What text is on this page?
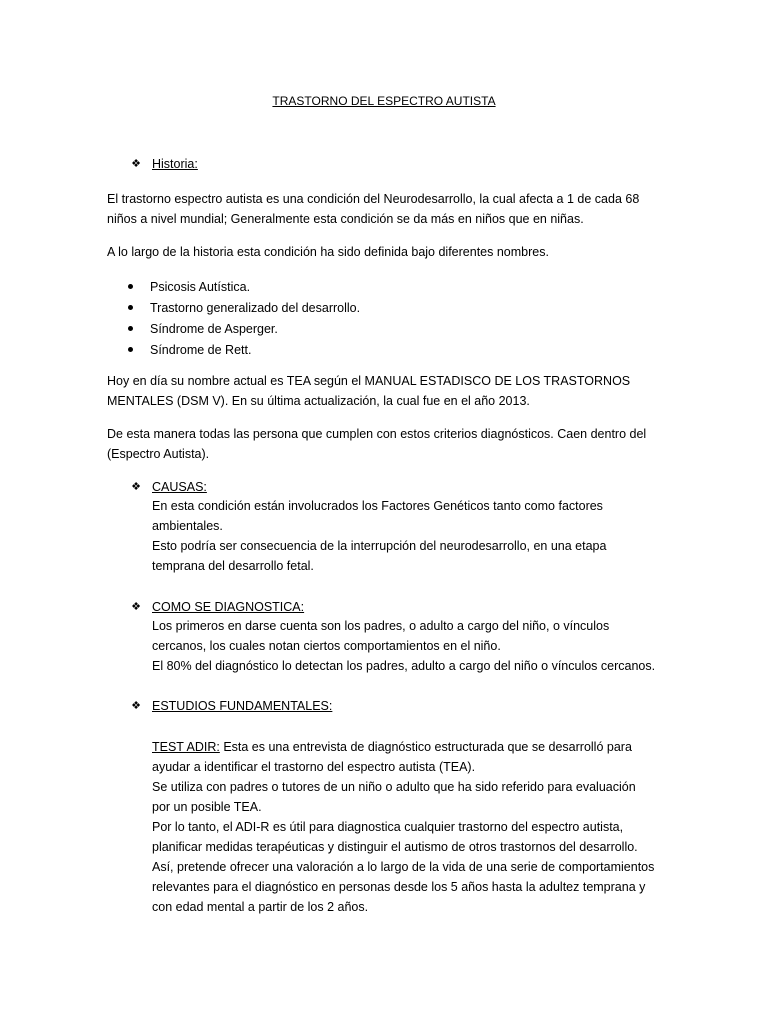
TRASTORNO DEL ESPECTRO AUTISTA
❖ Historia:
El trastorno espectro autista es una condición del Neurodesarrollo, la cual afecta a 1 de cada 68 niños a nivel mundial; Generalmente esta condición se da más en niños que en niñas.
A lo largo de la historia esta condición ha sido definida bajo diferentes nombres.
Psicosis Autística.
Trastorno generalizado del desarrollo.
Síndrome de Asperger.
Síndrome de Rett.
Hoy en día su nombre actual es TEA según el MANUAL ESTADISCO DE LOS TRASTORNOS MENTALES (DSM V). En su última actualización, la cual fue en el año 2013.
De esta manera todas las persona que cumplen con estos criterios diagnósticos. Caen dentro del (Espectro Autista).
❖ CAUSAS:
En esta condición están involucrados los Factores Genéticos tanto como factores
ambientales.
Esto podría ser consecuencia de la interrupción del neurodesarrollo, en una etapa
temprana del desarrollo fetal.
❖ COMO SE DIAGNOSTICA:
Los primeros en darse cuenta son los padres, o adulto a cargo del niño, o vínculos
cercanos, los cuales notan ciertos comportamientos en el niño.
El 80% del diagnóstico lo detectan los padres, adulto a cargo del niño o vínculos cercanos.
❖ ESTUDIOS FUNDAMENTALES:
TEST ADIR: Esta es una entrevista de diagnóstico estructurada que se desarrolló para
ayudar a identificar el trastorno del espectro autista (TEA).
Se utiliza con padres o tutores de un niño o adulto que ha sido referido para evaluación
por un posible TEA.
Por lo tanto, el ADI-R es útil para diagnostica cualquier trastorno del espectro autista,
planificar medidas terapéuticas y distinguir el autismo de otros trastornos del desarrollo.
Así, pretende ofrecer una valoración a lo largo de la vida de una serie de comportamientos
relevantes para el diagnóstico en personas desde los 5 años hasta la adultez temprana y
con edad mental a partir de los 2 años.
